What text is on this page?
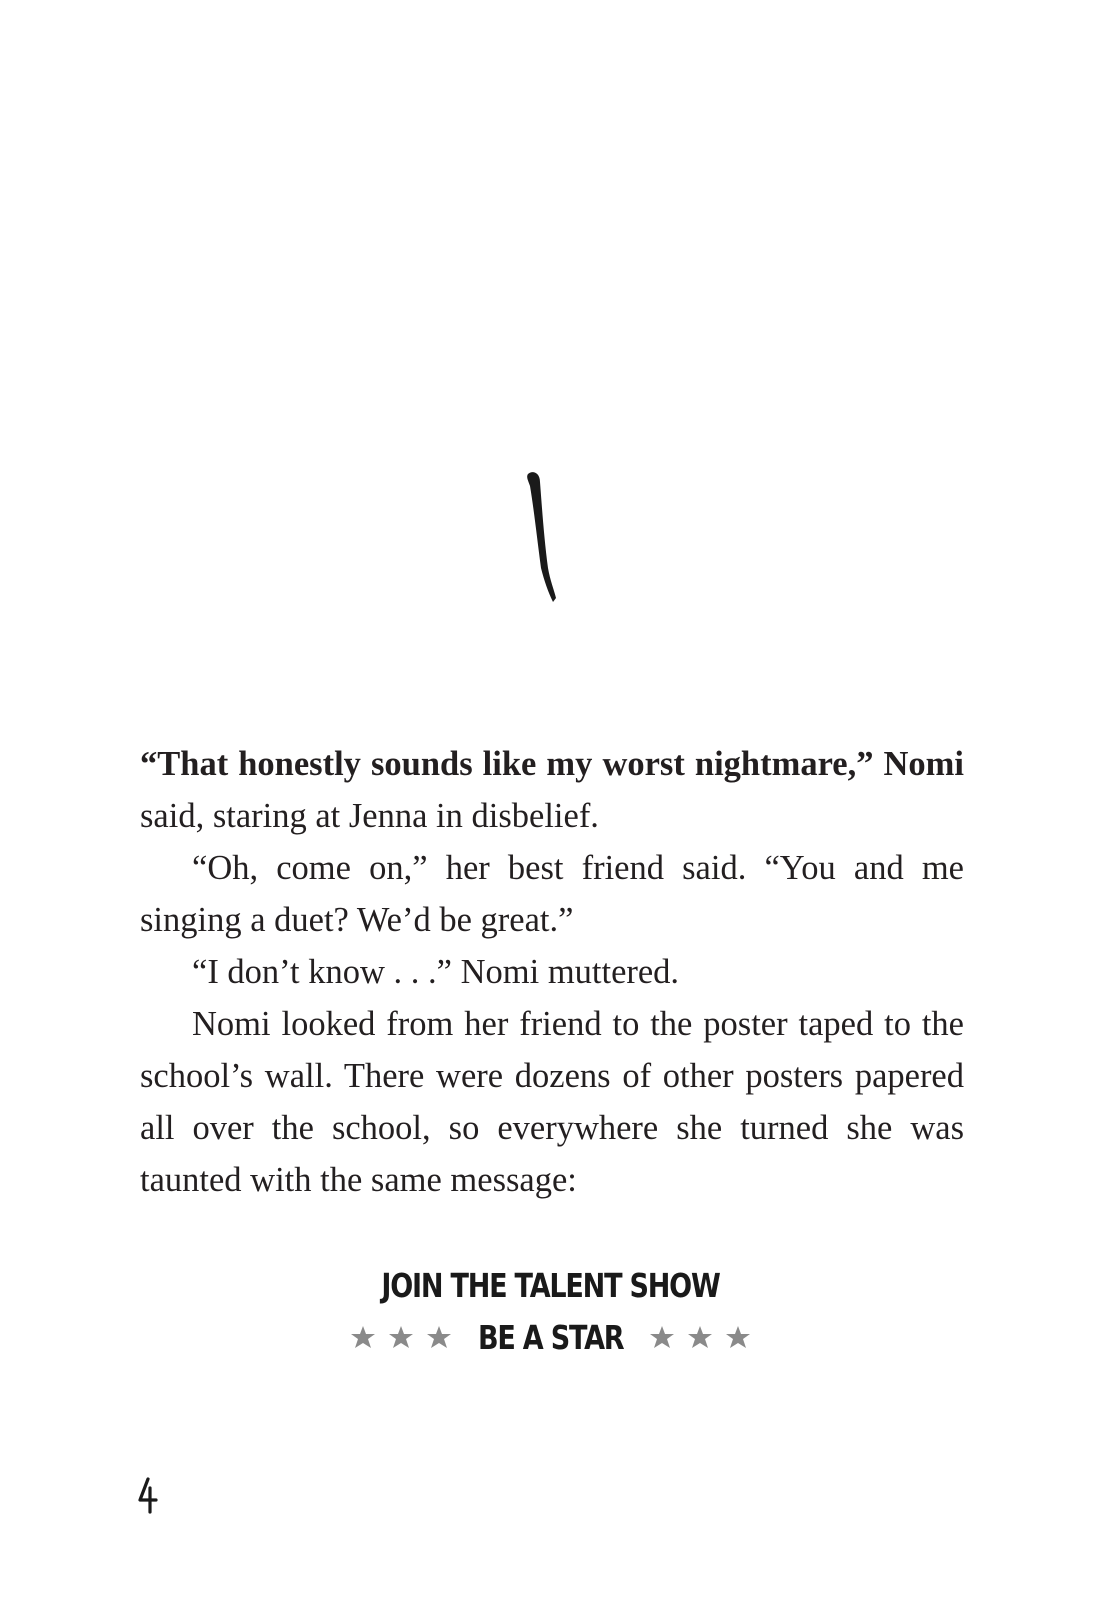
“That honestly sounds like my worst nightmare,” Nomi said, staring at Jenna in disbelief.

“Oh, come on,” her best friend said. “You and me singing a duet? We’d be great.”

“I don’t know . . .” Nomi muttered.

Nomi looked from her friend to the poster taped to the school’s wall. There were dozens of other posters papered all over the school, so everywhere she turned she was taunted with the same message:

JOIN THE TALENT SHOW
BE A STAR
